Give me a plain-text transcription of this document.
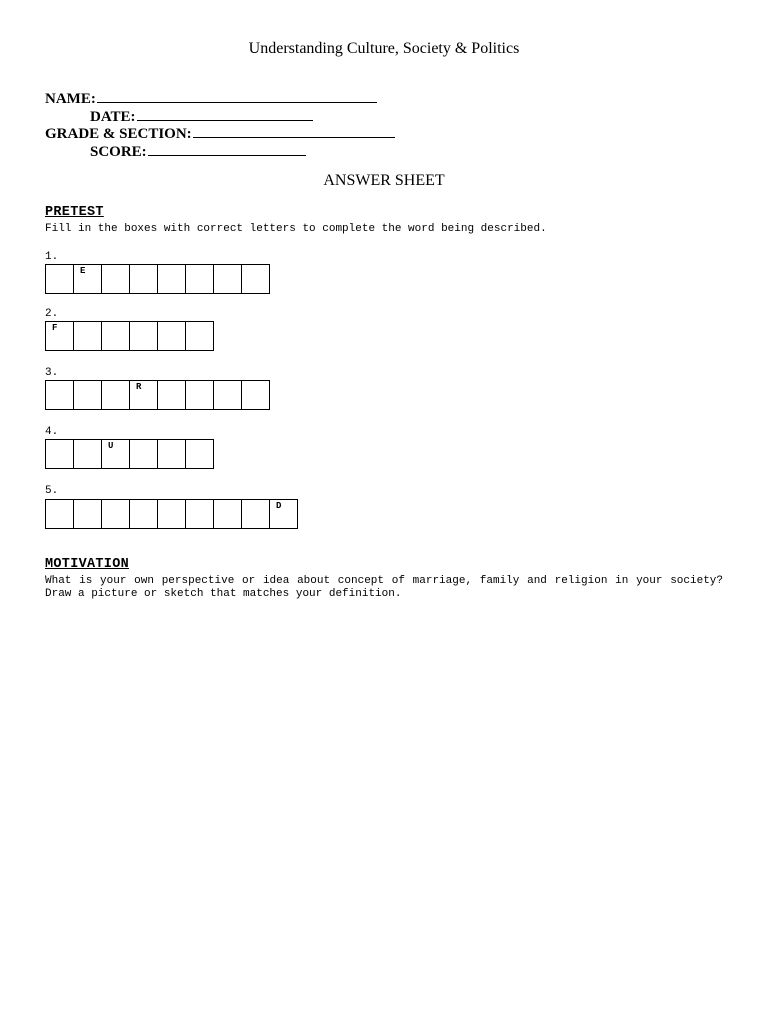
Understanding Culture, Society & Politics
NAME:
DATE:
GRADE & SECTION:
SCORE:
ANSWER SHEET
PRETEST
Fill in the boxes with correct letters to complete the word being described.
1.
E
2.
F
3.
R
4.
U
5.
D
MOTIVATION
What is your own perspective or idea about concept of marriage, family and religion in your society? Draw a picture or sketch that matches your definition.
